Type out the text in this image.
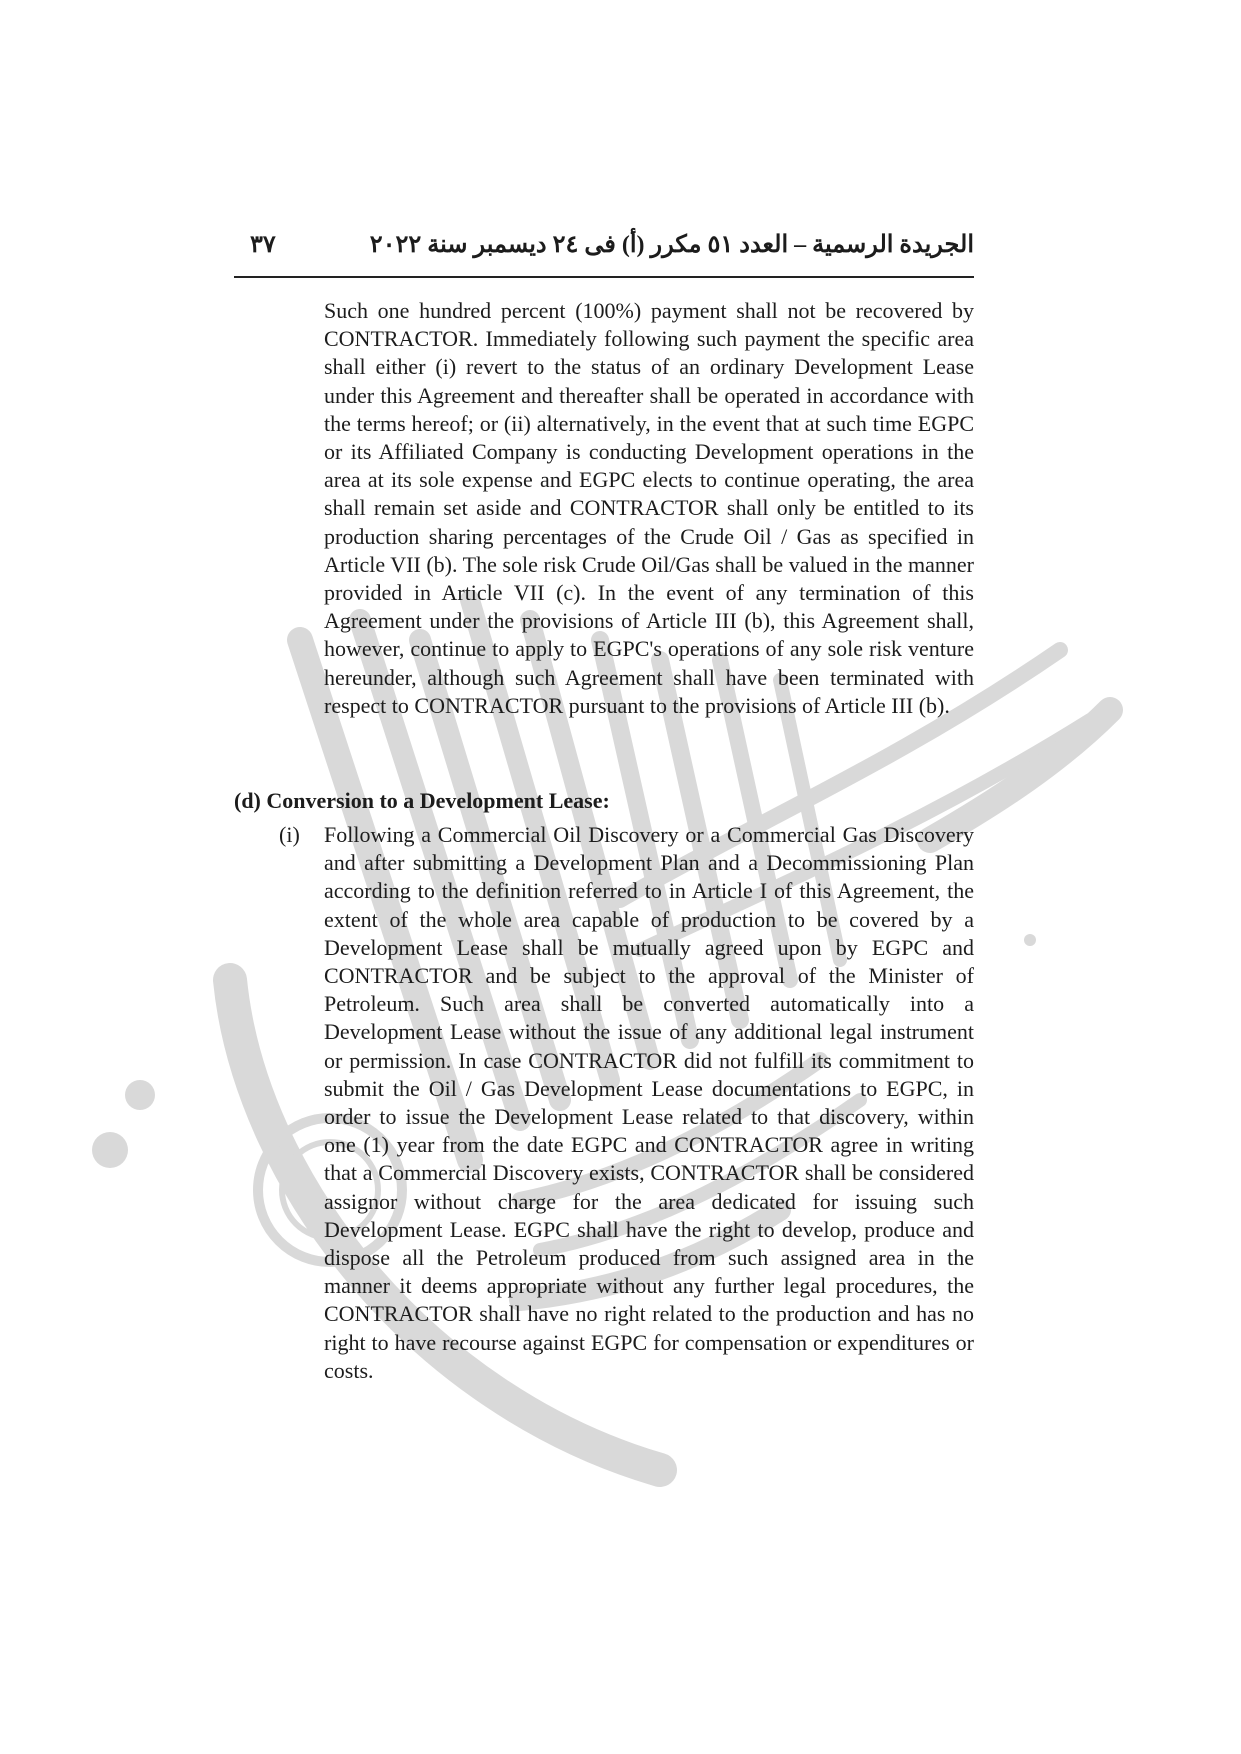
الجريدة الرسمية – العدد ٥١ مكرر (أ) فى ٢٤ ديسمبر سنة ٢٠٢٢
٣٧
Such one hundred percent (100%) payment shall not be recovered by CONTRACTOR. Immediately following such payment the specific area shall either (i) revert to the status of an ordinary Development Lease under this Agreement and thereafter shall be operated in accordance with the terms hereof; or (ii) alternatively, in the event that at such time EGPC or its Affiliated Company is conducting Development operations in the area at its sole expense and EGPC elects to continue operating, the area shall remain set aside and CONTRACTOR shall only be entitled to its production sharing percentages of the Crude Oil / Gas as specified in Article VII (b). The sole risk Crude Oil/Gas shall be valued in the manner provided in Article VII (c). In the event of any termination of this Agreement under the provisions of Article III (b), this Agreement shall, however, continue to apply to EGPC's operations of any sole risk venture hereunder, although such Agreement shall have been terminated with respect to CONTRACTOR pursuant to the provisions of Article III (b).
(d) Conversion to a Development Lease:
(i) Following a Commercial Oil Discovery or a Commercial Gas Discovery and after submitting a Development Plan and a Decommissioning Plan according to the definition referred to in Article I of this Agreement, the extent of the whole area capable of production to be covered by a Development Lease shall be mutually agreed upon by EGPC and CONTRACTOR and be subject to the approval of the Minister of Petroleum. Such area shall be converted automatically into a Development Lease without the issue of any additional legal instrument or permission. In case CONTRACTOR did not fulfill its commitment to submit the Oil / Gas Development Lease documentations to EGPC, in order to issue the Development Lease related to that discovery, within one (1) year from the date EGPC and CONTRACTOR agree in writing that a Commercial Discovery exists, CONTRACTOR shall be considered assignor without charge for the area dedicated for issuing such Development Lease. EGPC shall have the right to develop, produce and dispose all the Petroleum produced from such assigned area in the manner it deems appropriate without any further legal procedures, the CONTRACTOR shall have no right related to the production and has no right to have recourse against EGPC for compensation or expenditures or costs.
